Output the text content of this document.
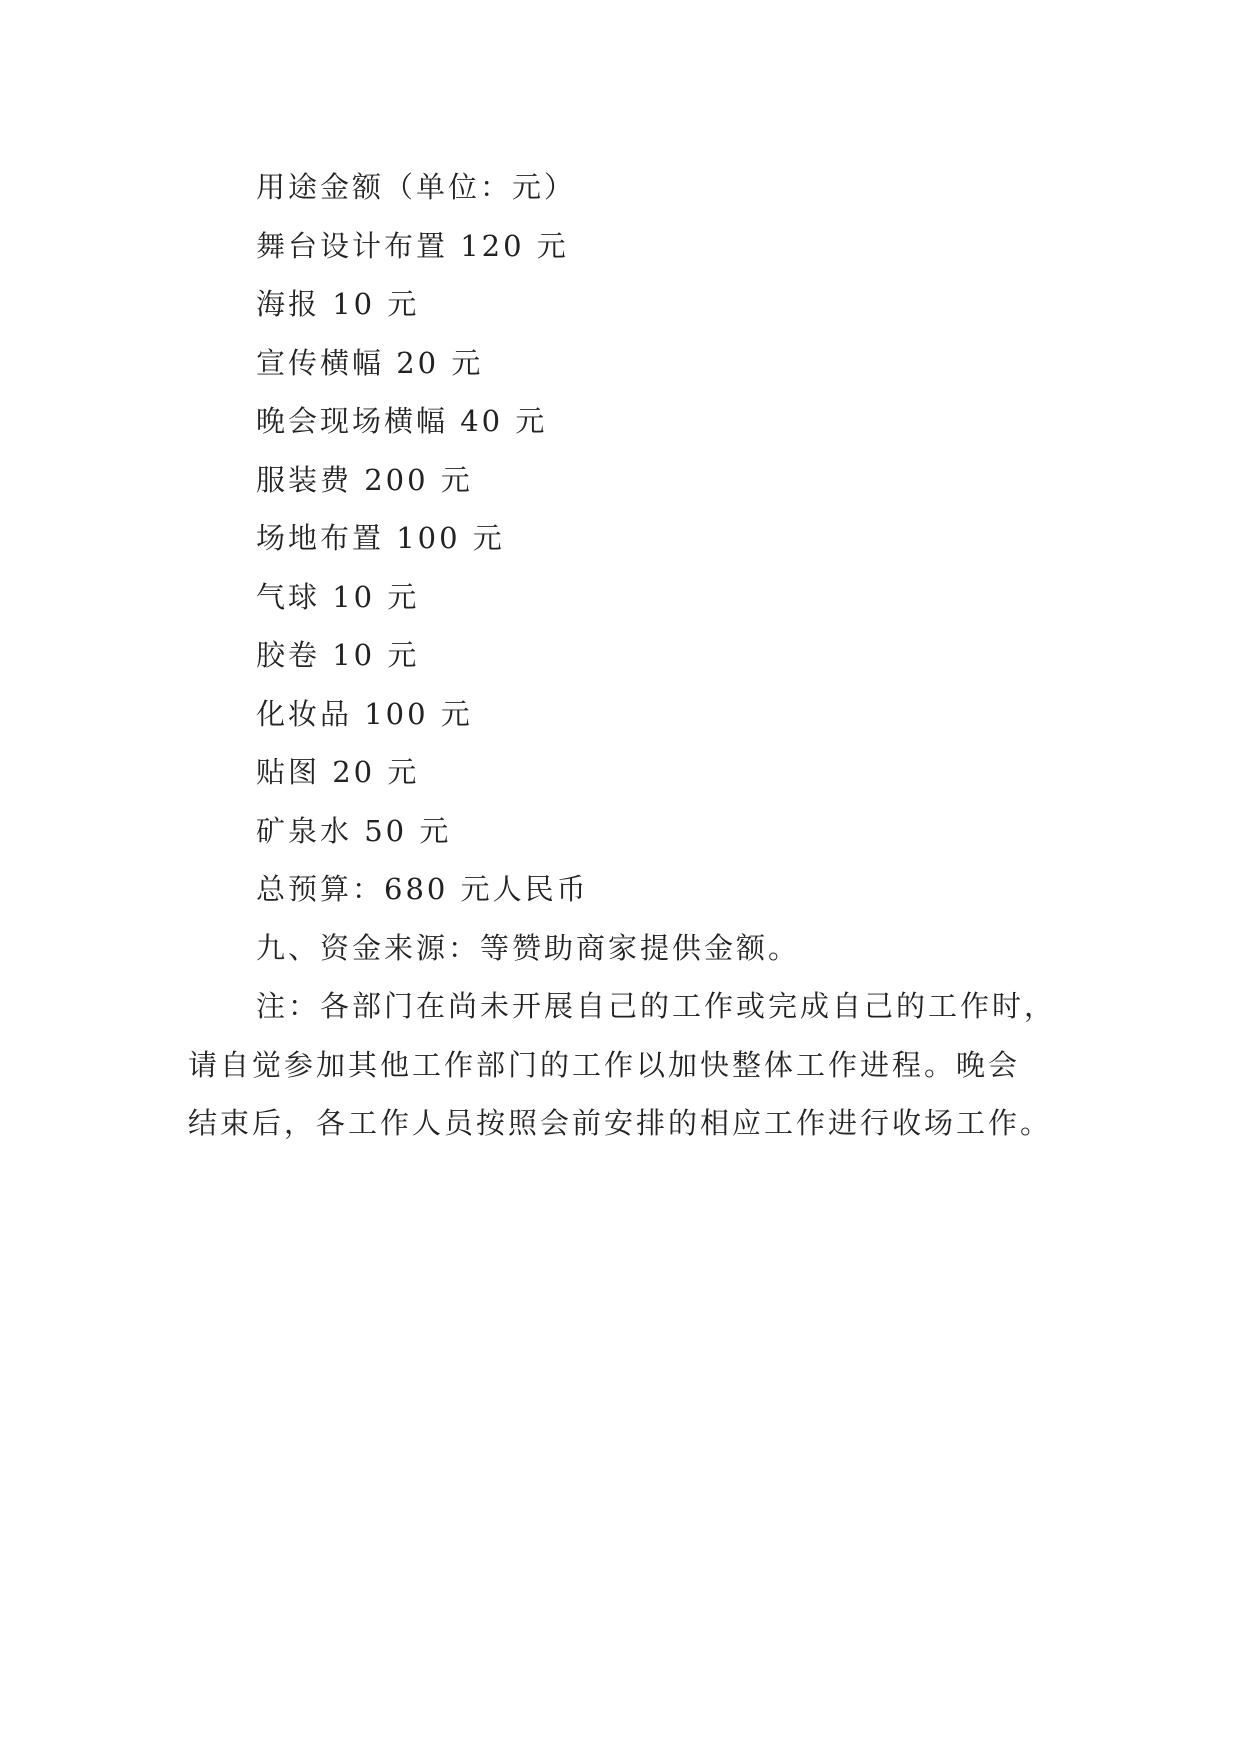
用途金额（单位：元）
舞台设计布置 120 元
海报 10 元
宣传横幅 20 元
晚会现场横幅 40 元
服装费 200 元
场地布置 100 元
气球 10 元
胶卷 10 元
化妆品 100 元
贴图 20 元
矿泉水 50 元
总预算：680 元人民币
九、资金来源：等赞助商家提供金额。

注：各部门在尚未开展自己的工作或完成自己的工作时，
请自觉参加其他工作部门的工作以加快整体工作进程。晚会
结束后，各工作人员按照会前安排的相应工作进行收场工作。
